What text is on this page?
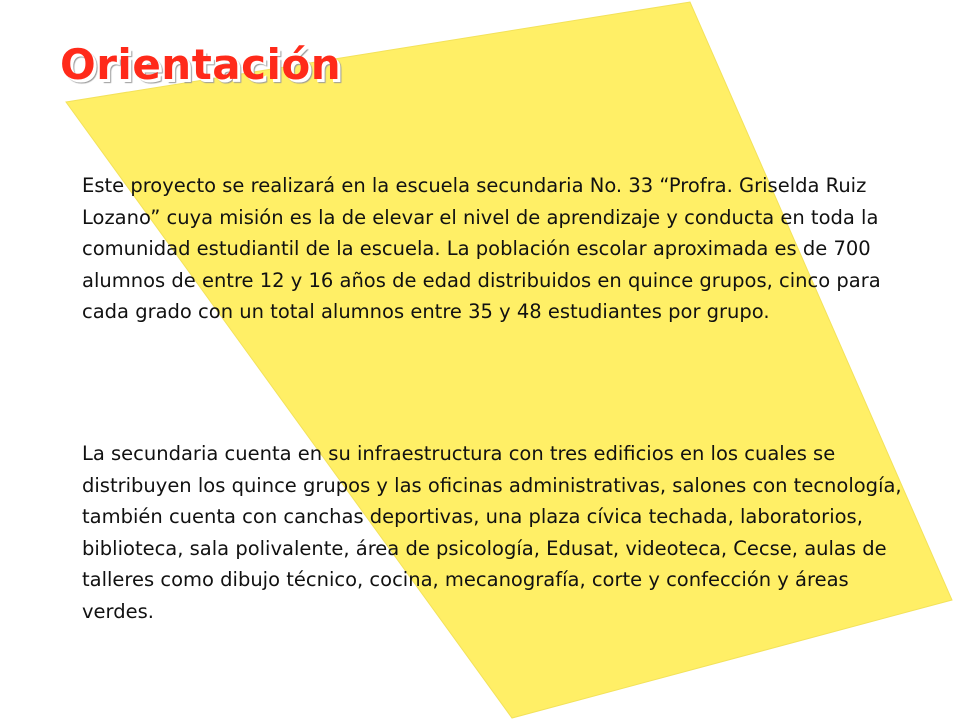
Orientación

Este proyecto se realizará en la escuela secundaria No. 33 “Profra. Griselda Ruiz Lozano” cuya misión es la de elevar el nivel de aprendizaje y conducta en toda la comunidad estudiantil de la escuela. La población escolar aproximada es de 700 alumnos de entre 12 y 16 años de edad distribuidos en quince grupos, cinco para cada grado con un total alumnos entre 35 y 48 estudiantes por grupo.

La secundaria cuenta en su infraestructura con tres edificios en los cuales se distribuyen los quince grupos y las oficinas administrativas, salones con tecnología, también cuenta con canchas deportivas, una plaza cívica techada, laboratorios, biblioteca, sala polivalente, área de psicología, Edusat, videoteca, Cecse, aulas de talleres como dibujo técnico, cocina, mecanografía, corte y confección y áreas verdes.
